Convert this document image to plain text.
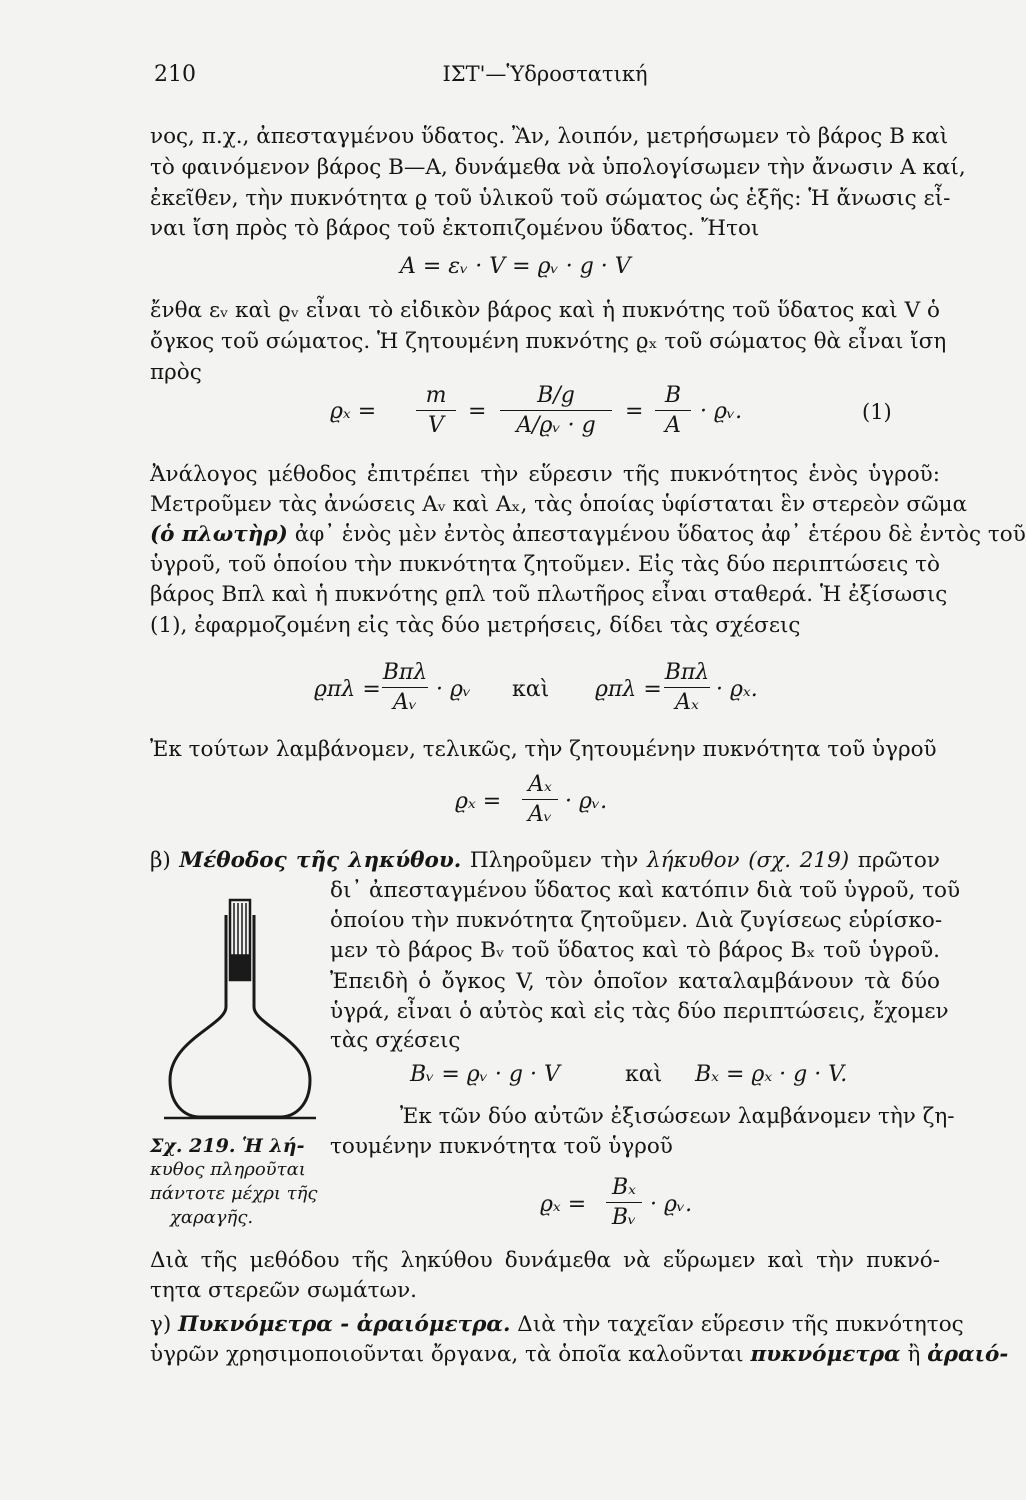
210	ΙΣΤ'—Ὑδροστατική
νος, π.χ., ἀπεσταγμένου ὕδατος. Ἂν, λοιπόν, μετρήσωμεν τὸ βάρος B καὶ
τὸ φαινόμενον βάρος B—A, δυνάμεθα νὰ ὑπολογίσωμεν τὴν ἄνωσιν A καί,
ἐκεῖθεν, τὴν πυκνότητα ϱ τοῦ ὑλικοῦ τοῦ σώματος ὡς ἑξῆς: Ἡ ἄνωσις εἶ-
ναι ἴση πρὸς τὸ βάρος τοῦ ἐκτοπιζομένου ὕδατος. Ἤτοι
A = εᵥ · V = ϱᵥ · g · V
ἔνθα εᵥ καὶ ϱᵥ εἶναι τὸ εἰδικὸν βάρος καὶ ἡ πυκνότης τοῦ ὕδατος καὶ V ὁ
ὄγκος τοῦ σώματος. Ἡ ζητουμένη πυκνότης ϱₓ τοῦ σώματος θὰ εἶναι ἴση
πρὸς
ϱₓ =
m
V
=
B/g
A/ϱᵥ · g
=
B
A
· ϱᵥ.	(1)
Ἀνάλογος μέθοδος ἐπιτρέπει τὴν εὕρεσιν τῆς πυκνότητος ἑνὸς ὑγροῦ:
Μετροῦμεν τὰς ἀνώσεις Aᵥ καὶ Aₓ, τὰς ὁποίας ὑφίσταται ἓν στερεὸν σῶμα
(ὁ πλωτὴρ) ἀφ᾽ ἑνὸς μὲν ἐντὸς ἀπεσταγμένου ὕδατος ἀφ᾽ ἑτέρου δὲ ἐντὸς τοῦ
ὑγροῦ, τοῦ ὁποίου τὴν πυκνότητα ζητοῦμεν. Εἰς τὰς δύο περιπτώσεις τὸ
βάρος Bπλ καὶ ἡ πυκνότης ϱπλ τοῦ πλωτῆρος εἶναι σταθερά. Ἡ ἐξίσωσις
(1), ἐφαρμοζομένη εἰς τὰς δύο μετρήσεις, δίδει τὰς σχέσεις
ϱπλ =
Bπλ
Aᵥ
· ϱᵥ καὶ ϱπλ =
Bπλ
Aₓ
· ϱₓ.
Ἐκ τούτων λαμβάνομεν, τελικῶς, τὴν ζητουμένην πυκνότητα τοῦ ὑγροῦ
ϱₓ =
Aₓ
Aᵥ
· ϱᵥ.
β) Μέθοδος τῆς ληκύθου. Πληροῦμεν τὴν λήκυθον (σχ. 219) πρῶτον
δι᾽ ἀπεσταγμένου ὕδατος καὶ κατόπιν διὰ τοῦ ὑγροῦ, τοῦ
ὁποίου τὴν πυκνότητα ζητοῦμεν. Διὰ ζυγίσεως εὑρίσκο-
μεν τὸ βάρος Bᵥ τοῦ ὕδατος καὶ τὸ βάρος Bₓ τοῦ ὑγροῦ.
Ἐπειδὴ ὁ ὄγκος V, τὸν ὁποῖον καταλαμβάνουν τὰ δύο
ὑγρά, εἶναι ὁ αὐτὸς καὶ εἰς τὰς δύο περιπτώσεις, ἔχομεν
τὰς σχέσεις
Bᵥ = ϱᵥ · g · V	καὶ Bₓ = ϱₓ · g · V.
Ἐκ τῶν δύο αὐτῶν ἐξισώσεων λαμβάνομεν τὴν ζη-
τουμένην πυκνότητα τοῦ ὑγροῦ
Σχ. 219. Ἡ λή-
κυθος πληροῦται
πάντοτε μέχρι τῆς
χαραγῆς.
ϱₓ =
Bₓ
Bᵥ
· ϱᵥ.
Διὰ τῆς μεθόδου τῆς ληκύθου δυνάμεθα νὰ εὕρωμεν καὶ τὴν πυκνό-
τητα στερεῶν σωμάτων.
γ) Πυκνόμετρα - ἀραιόμετρα. Διὰ τὴν ταχεῖαν εὕρεσιν τῆς πυκνότητος
ὑγρῶν χρησιμοποιοῦνται ὄργανα, τὰ ὁποῖα καλοῦνται πυκνόμετρα ἢ ἀραιό-
